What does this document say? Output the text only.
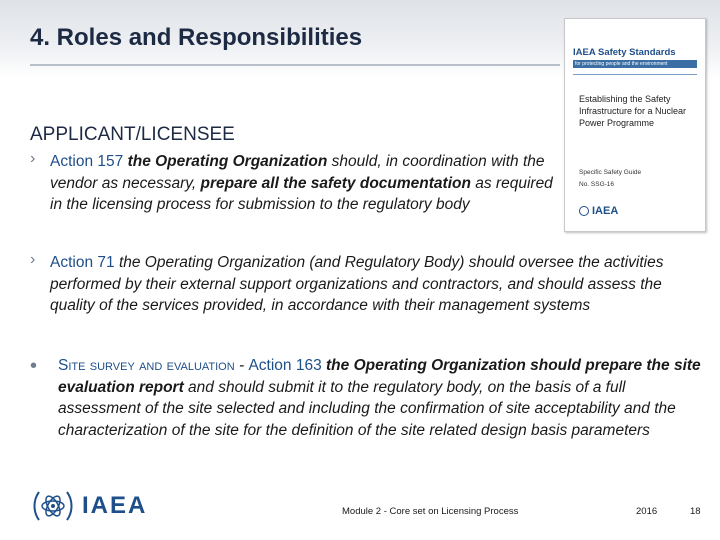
4. Roles and Responsibilities
IAEA Safety Standards
for protecting people and the environment
Establishing the Safety Infrastructure for a Nuclear Power Programme
Specific Safety Guide
No. SSG-16
IAEA
APPLICANT/LICENSEE
› Action 157 the Operating Organization should, in coordination with the vendor as necessary, prepare all the safety documentation as required in the licensing process for submission to the regulatory body
› Action 71 the Operating Organization (and Regulatory Body) should oversee the activities performed by their external support organizations and contractors, and should assess the quality of the services provided, in accordance with their management systems
• Site survey and evaluation - Action 163 the Operating Organization should prepare the site evaluation report and should submit it to the regulatory body, on the basis of a full assessment of the site selected and including the confirmation of site acceptability and the characterization of the site for the definition of the site related design basis parameters
IAEA	Module 2 - Core set on Licensing Process	2016	18
